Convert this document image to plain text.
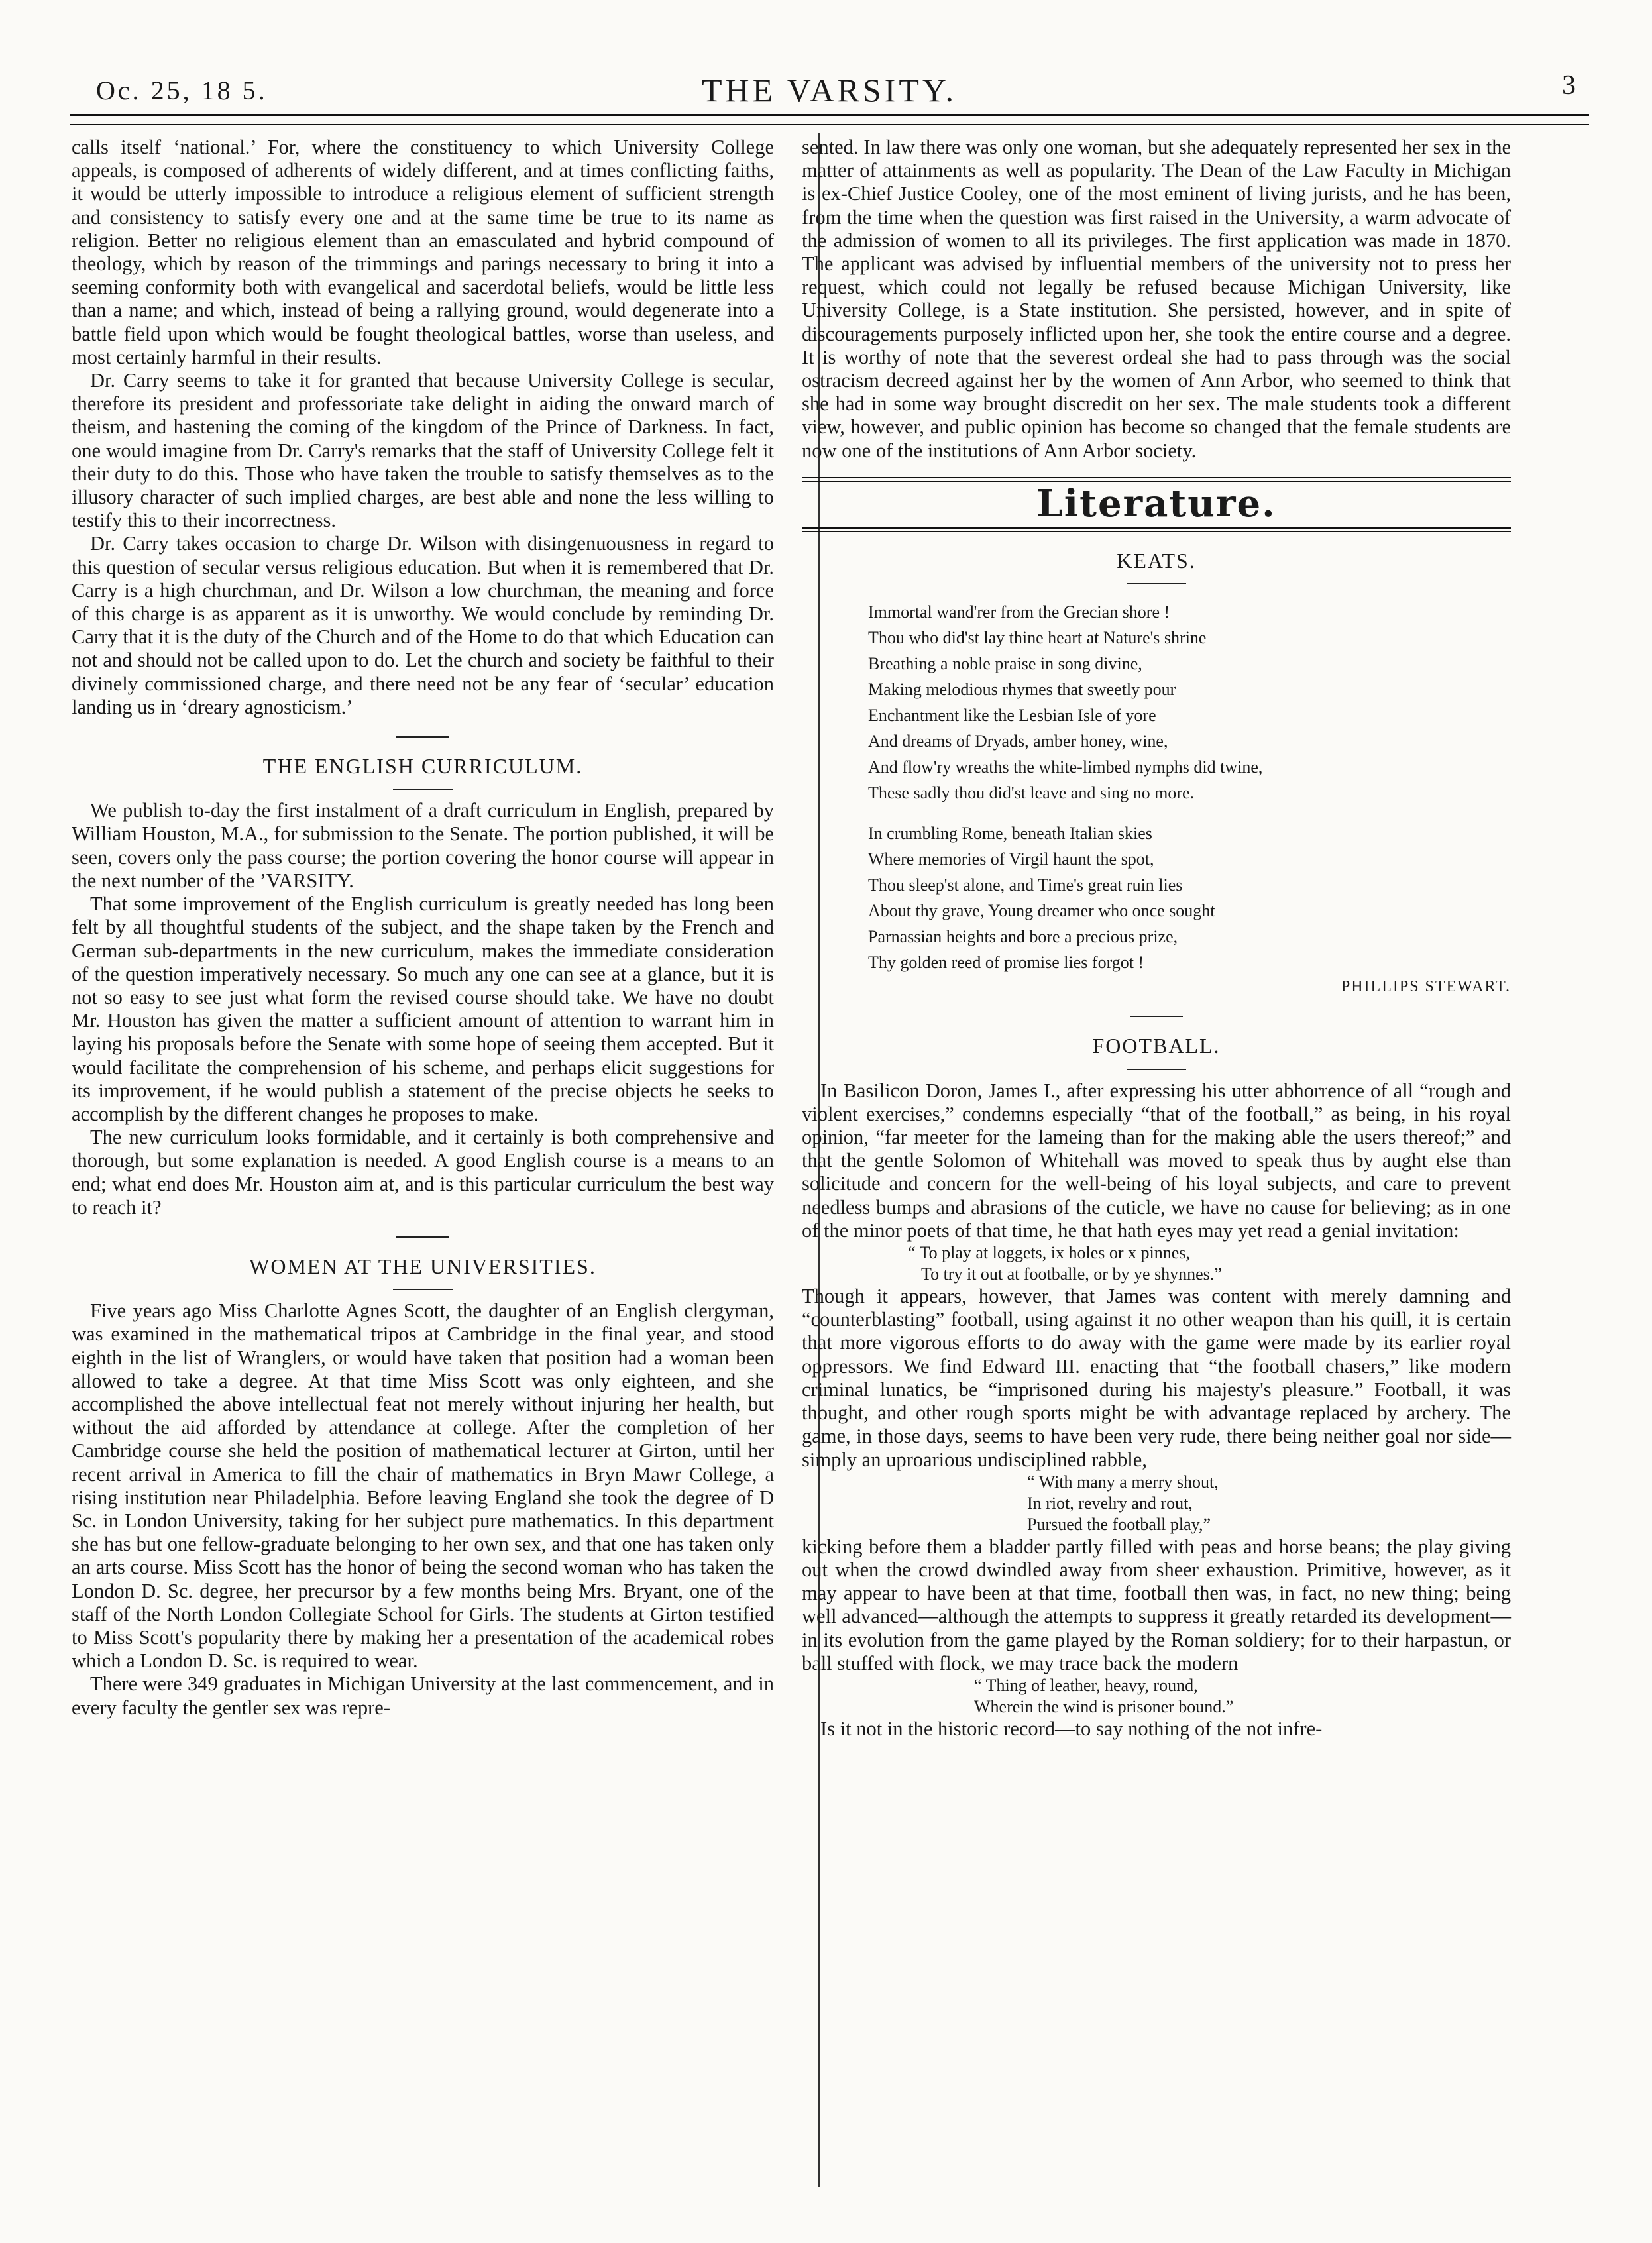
Oc. 25, 18 5.	THE VARSITY.	3

calls itself ‘national.’ For, where the constituency to which University College appeals, is composed of adherents of widely different, and at times conflicting faiths, it would be utterly impossible to introduce a religious element of sufficient strength and consistency to satisfy every one and at the same time be true to its name as religion. Better no religious element than an emasculated and hybrid compound of theology, which by reason of the trimmings and parings necessary to bring it into a seeming conformity both with evangelical and sacerdotal beliefs, would be little less than a name; and which, instead of being a rallying ground, would degenerate into a battle field upon which would be fought theological battles, worse than useless, and most certainly harmful in their results.

Dr. Carry seems to take it for granted that because University College is secular, therefore its president and professoriate take delight in aiding the onward march of theism, and hastening the coming of the kingdom of the Prince of Darkness. In fact, one would imagine from Dr. Carry's remarks that the staff of University College felt it their duty to do this. Those who have taken the trouble to satisfy themselves as to the illusory character of such implied charges, are best able and none the less willing to testify this to their incorrectness.

Dr. Carry takes occasion to charge Dr. Wilson with disingenuousness in regard to this question of secular versus religious education. But when it is remembered that Dr. Carry is a high churchman, and Dr. Wilson a low churchman, the meaning and force of this charge is as apparent as it is unworthy. We would conclude by reminding Dr. Carry that it is the duty of the Church and of the Home to do that which Education can not and should not be called upon to do. Let the church and society be faithful to their divinely commissioned charge, and there need not be any fear of ‘secular’ education landing us in ‘dreary agnosticism.’

THE ENGLISH CURRICULUM.

We publish to-day the first instalment of a draft curriculum in English, prepared by William Houston, M.A., for submission to the Senate. The portion published, it will be seen, covers only the pass course; the portion covering the honor course will appear in the next number of the ’VARSITY.

That some improvement of the English curriculum is greatly needed has long been felt by all thoughtful students of the subject, and the shape taken by the French and German sub-departments in the new curriculum, makes the immediate consideration of the question imperatively necessary. So much any one can see at a glance, but it is not so easy to see just what form the revised course should take. We have no doubt Mr. Houston has given the matter a sufficient amount of attention to warrant him in laying his proposals before the Senate with some hope of seeing them accepted. But it would facilitate the comprehension of his scheme, and perhaps elicit suggestions for its improvement, if he would publish a statement of the precise objects he seeks to accomplish by the different changes he proposes to make.

The new curriculum looks formidable, and it certainly is both comprehensive and thorough, but some explanation is needed. A good English course is a means to an end; what end does Mr. Houston aim at, and is this particular curriculum the best way to reach it?

WOMEN AT THE UNIVERSITIES.

Five years ago Miss Charlotte Agnes Scott, the daughter of an English clergyman, was examined in the mathematical tripos at Cambridge in the final year, and stood eighth in the list of Wranglers, or would have taken that position had a woman been allowed to take a degree. At that time Miss Scott was only eighteen, and she accomplished the above intellectual feat not merely without injuring her health, but without the aid afforded by attendance at college. After the completion of her Cambridge course she held the position of mathematical lecturer at Girton, until her recent arrival in America to fill the chair of mathematics in Bryn Mawr College, a rising institution near Philadelphia. Before leaving England she took the degree of D Sc. in London University, taking for her subject pure mathematics. In this department she has but one fellow-graduate belonging to her own sex, and that one has taken only an arts course. Miss Scott has the honor of being the second woman who has taken the London D. Sc. degree, her precursor by a few months being Mrs. Bryant, one of the staff of the North London Collegiate School for Girls. The students at Girton testified to Miss Scott's popularity there by making her a presentation of the academical robes which a London D. Sc. is required to wear.

There were 349 graduates in Michigan University at the last commencement, and in every faculty the gentler sex was repre-

sented. In law there was only one woman, but she adequately represented her sex in the matter of attainments as well as popularity. The Dean of the Law Faculty in Michigan is ex-Chief Justice Cooley, one of the most eminent of living jurists, and he has been, from the time when the question was first raised in the University, a warm advocate of the admission of women to all its privileges. The first application was made in 1870. The applicant was advised by influential members of the university not to press her request, which could not legally be refused because Michigan University, like University College, is a State institution. She persisted, however, and in spite of discouragements purposely inflicted upon her, she took the entire course and a degree. It is worthy of note that the severest ordeal she had to pass through was the social ostracism decreed against her by the women of Ann Arbor, who seemed to think that she had in some way brought discredit on her sex. The male students took a different view, however, and public opinion has become so changed that the female students are now one of the institutions of Ann Arbor society.

Literature.
KEATS.
Immortal wand'rer from the Grecian shore !
Thou who did'st lay thine heart at Nature's shrine
Breathing a noble praise in song divine,
Making melodious rhymes that sweetly pour
Enchantment like the Lesbian Isle of yore
And dreams of Dryads, amber honey, wine,
And flow'ry wreaths the white-limbed nymphs did twine,
These sadly thou did'st leave and sing no more.
In crumbling Rome, beneath Italian skies
Where memories of Virgil haunt the spot,
Thou sleep'st alone, and Time's great ruin lies
About thy grave, Young dreamer who once sought
Parnassian heights and bore a precious prize,
Thy golden reed of promise lies forgot !
PHILLIPS STEWART.
FOOTBALL.

In Basilicon Doron, James I., after expressing his utter abhorrence of all “rough and violent exercises,” condemns especially “that of the football,” as being, in his royal opinion, “far meeter for the lameing than for the making able the users thereof;” and that the gentle Solomon of Whitehall was moved to speak thus by aught else than solicitude and concern for the well-being of his loyal subjects, and care to prevent needless bumps and abrasions of the cuticle, we have no cause for believing; as in one of the minor poets of that time, he that hath eyes may yet read a genial invitation:

“ To play at loggets, ix holes or x pinnes,
To try it out at footballe, or by ye shynnes.”

Though it appears, however, that James was content with merely damning and “counterblasting” football, using against it no other weapon than his quill, it is certain that more vigorous efforts to do away with the game were made by its earlier royal oppressors. We find Edward III. enacting that “the football chasers,” like modern criminal lunatics, be “imprisoned during his majesty's pleasure.” Football, it was thought, and other rough sports might be with advantage replaced by archery. The game, in those days, seems to have been very rude, there being neither goal nor side—simply an uproarious undisciplined rabble,

“ With many a merry shout,
In riot, revelry and rout,
Pursued the football play,”

kicking before them a bladder partly filled with peas and horse beans; the play giving out when the crowd dwindled away from sheer exhaustion. Primitive, however, as it may appear to have been at that time, football then was, in fact, no new thing; being well advanced—although the attempts to suppress it greatly retarded its development—in its evolution from the game played by the Roman soldiery; for to their harpastun, or ball stuffed with flock, we may trace back the modern

“ Thing of leather, heavy, round,
Wherein the wind is prisoner bound.”

Is it not in the historic record—to say nothing of the not infre-
